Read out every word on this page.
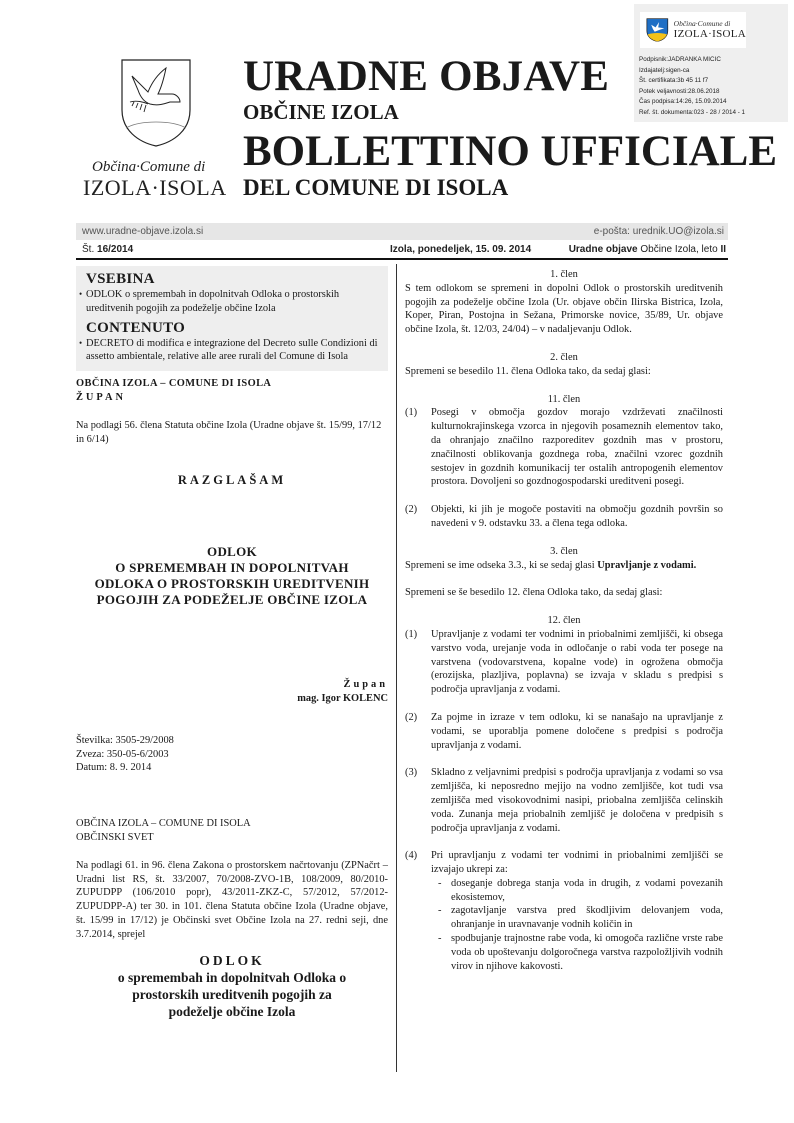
Občina·Comune di
IZOLA·ISOLA
Podpisnik:JADRANKA MICIC
Izdajatelj:sigen-ca
Št. certifikata:3b 45 11 f7
Potek veljavnosti:28.06.2018
Čas podpisa:14:26, 15.09.2014
Ref. št. dokumenta:023 - 28 / 2014 - 1
Občina·Comune di
IZOLA·ISOLA
URADNE OBJAVE
OBČINE IZOLA
BOLLETTINO UFFICIALE
DEL COMUNE DI ISOLA
www.uradne-objave.izola.si	e-pošta: urednik.UO@izola.si
Št. 16/2014	Izola, ponedeljek, 15. 09. 2014	Uradne objave Občine Izola, leto II
VSEBINA
• ODLOK o spremembah in dopolnitvah Odloka o prostorskih ureditvenih pogojih za podeželje občine Izola
CONTENUTO
• DECRETO di modifica e integrazione del Decreto sulle Condizioni di assetto ambientale, relative alle aree rurali del Comune di Isola

OBČINA IZOLA – COMUNE DI ISOLA

ŽUPAN

Na podlagi 56. člena Statuta občine Izola (Uradne objave št. 15/99, 17/12 in 6/14)

RAZGLAŠAM

ODLOK
O SPREMEMBAH IN DOPOLNITVAH
ODLOKA O PROSTORSKIH UREDITVENIH
POGOJIH ZA PODEŽELJE OBČINE IZOLA

Župan

mag. Igor KOLENC

Številka: 3505-29/2008

Zveza: 350-05-6/2003

Datum: 8. 9. 2014

OBČINA IZOLA – COMUNE DI ISOLA

OBČINSKI SVET

Na podlagi 61. in 96. člena Zakona o prostorskem načrtovanju (ZPNačrt – Uradni list RS, št. 33/2007, 70/2008-ZVO-1B, 108/2009, 80/2010-ZUPUDPP (106/2010 popr), 43/2011-ZKZ-C, 57/2012, 57/2012-ZUPUDPP-A) ter 30. in 101. člena Statuta občine Izola (Uradne objave, št. 15/99 in 17/12) je Občinski svet Občine Izola na 27. redni seji, dne 3.7.2014, sprejel

ODLOK
o spremembah in dopolnitvah Odloka o
prostorskih ureditvenih pogojih za
podeželje občine Izola

1. člen

S tem odlokom se spremeni in dopolni Odlok o prostorskih ureditvenih pogojih za podeželje občine Izola (Ur. objave občin Ilirska Bistrica, Izola, Koper, Piran, Postojna in Sežana, Primorske novice, 35/89, Ur. objave občine Izola, št. 12/03, 24/04) – v nadaljevanju Odlok.

2. člen

Spremeni se besedilo 11. člena Odloka tako, da sedaj glasi:

11. člen

(1) Posegi v območja gozdov morajo vzdrževati značilnosti kulturnokrajinskega vzorca in njegovih posameznih elementov tako, da ohranjajo značilno razporeditev gozdnih mas v prostoru, značilnosti oblikovanja gozdnega roba, značilni vzorec gozdnih sestojev in gozdnih komunikacij ter ostalih antropogenih elementov prostora. Dovoljeni so gozdnogospodarski ureditveni posegi.
(2) Objekti, ki jih je mogoče postaviti na območju gozdnih površin so navedeni v 9. odstavku 33. a člena tega odloka.

3. člen

Spremeni se ime odseka 3.3., ki se sedaj glasi Upravljanje z vodami.

Spremeni se še besedilo 12. člena Odloka tako, da sedaj glasi:

12. člen

(1) Upravljanje z vodami ter vodnimi in priobalnimi zemljišči, ki obsega varstvo voda, urejanje voda in odločanje o rabi voda ter posege na varstvena (vodovarstvena, kopalne vode) in ogrožena območja (erozijska, plazljiva, poplavna) se izvaja v skladu s predpisi s področja upravljanja z vodami.
(2) Za pojme in izraze v tem odloku, ki se nanašajo na upravljanje z vodami, se uporablja pomene določene s predpisi s področja upravljanja z vodami.
(3) Skladno z veljavnimi predpisi s področja upravljanja z vodami so vsa zemljišča, ki neposredno mejijo na vodno zemljišče, kot tudi vsa zemljišča med visokovodnimi nasipi, priobalna zemljišča celinskih voda. Zunanja meja priobalnih zemljišč je določena v predpisih s področja upravljanja z vodami.
(4) Pri upravljanju z vodami ter vodnimi in priobalnimi zemljišči se izvajajo ukrepi za:
- doseganje dobrega stanja voda in drugih, z vodami povezanih ekosistemov,
- zagotavljanje varstva pred škodljivim delovanjem voda, ohranjanje in uravnavanje vodnih količin in
- spodbujanje trajnostne rabe voda, ki omogoča različne vrste rabe voda ob upoštevanju dolgoročnega varstva razpoložljivih vodnih virov in njihove kakovosti.
